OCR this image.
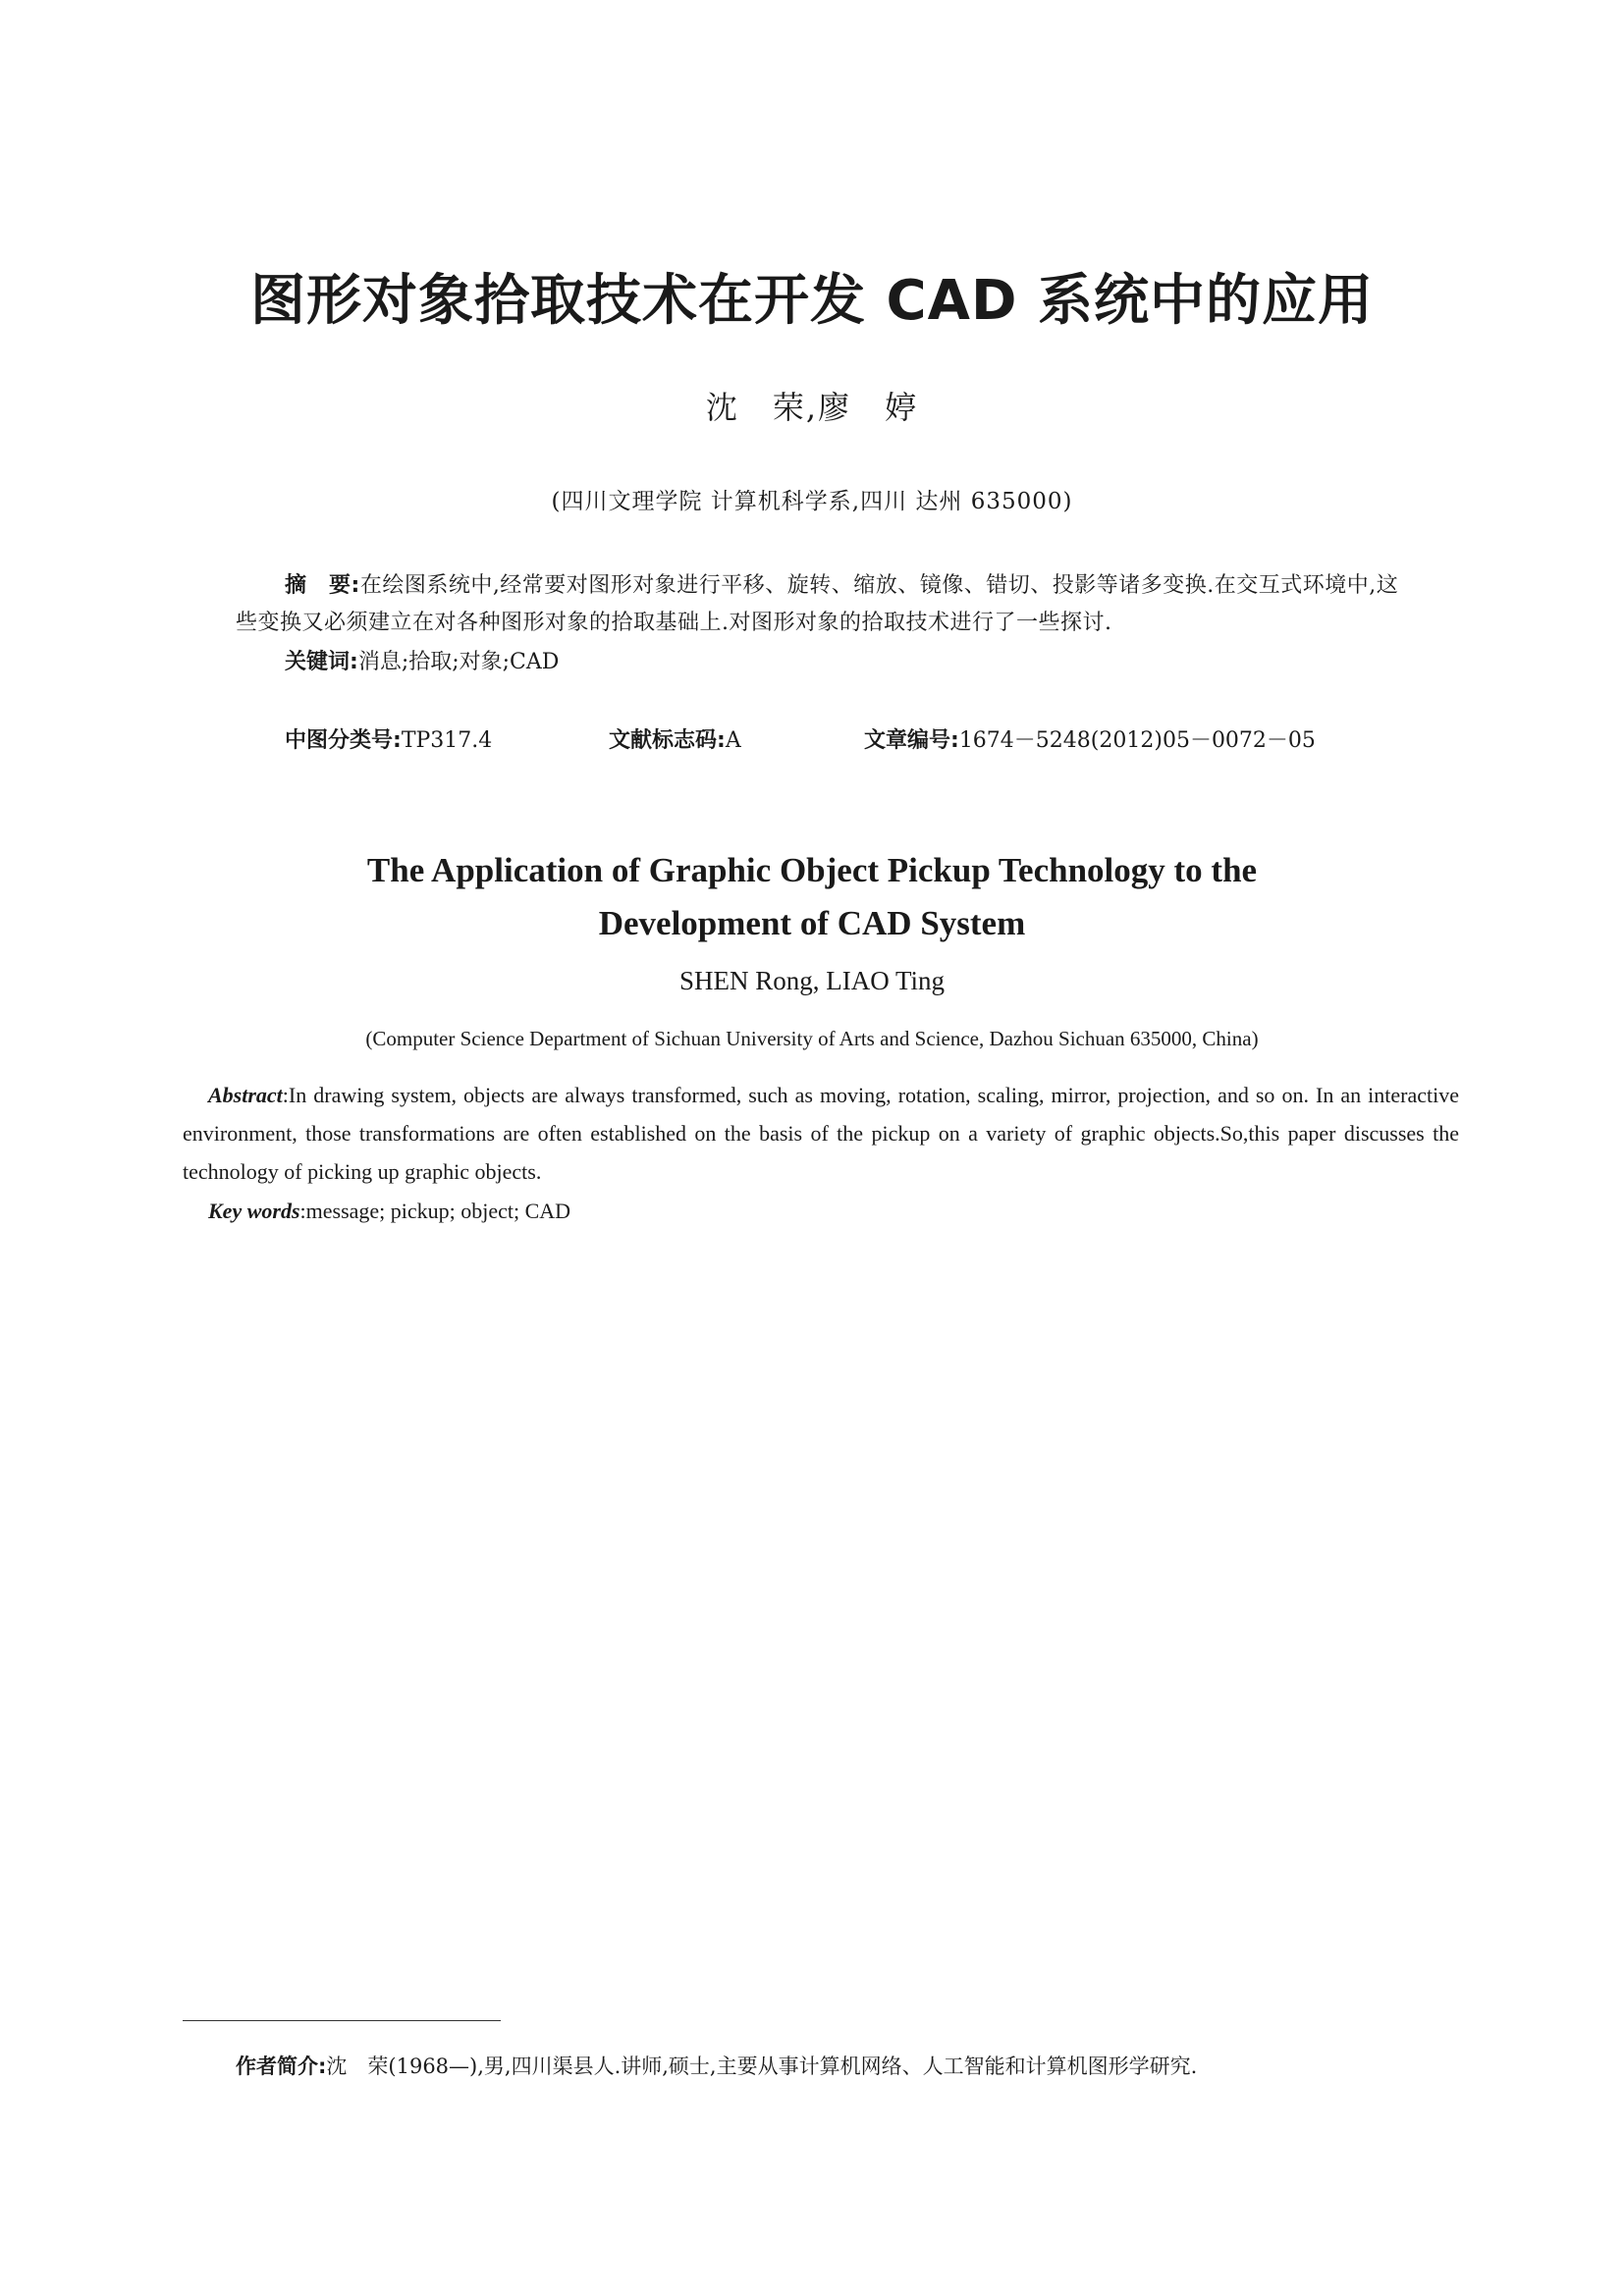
图形对象拾取技术在开发 CAD 系统中的应用
沈　荣,廖　婷
(四川文理学院 计算机科学系,四川 达州 635000)
摘　要:在绘图系统中,经常要对图形对象进行平移、旋转、缩放、镜像、错切、投影等诸多变换.在交互式环境中,这些变换又必须建立在对各种图形对象的拾取基础上.对图形对象的拾取技术进行了一些探讨.
关键词:消息;拾取;对象;CAD
中图分类号:TP317.4	文献标志码:A	文章编号:1674－5248(2012)05－0072－05
The Application of Graphic Object Pickup Technology to the
Development of CAD System
SHEN Rong, LIAO Ting
(Computer Science Department of Sichuan University of Arts and Science, Dazhou Sichuan 635000, China)
Abstract:In drawing system, objects are always transformed, such as moving, rotation, scaling, mirror, projection, and so on. In an interactive environment, those transformations are often established on the basis of the pickup on a variety of graphic objects.So,this paper discusses the technology of picking up graphic objects.
Key words:message; pickup; object; CAD
作者简介:沈　荣(1968—),男,四川渠县人.讲师,硕士,主要从事计算机网络、人工智能和计算机图形学研究.
